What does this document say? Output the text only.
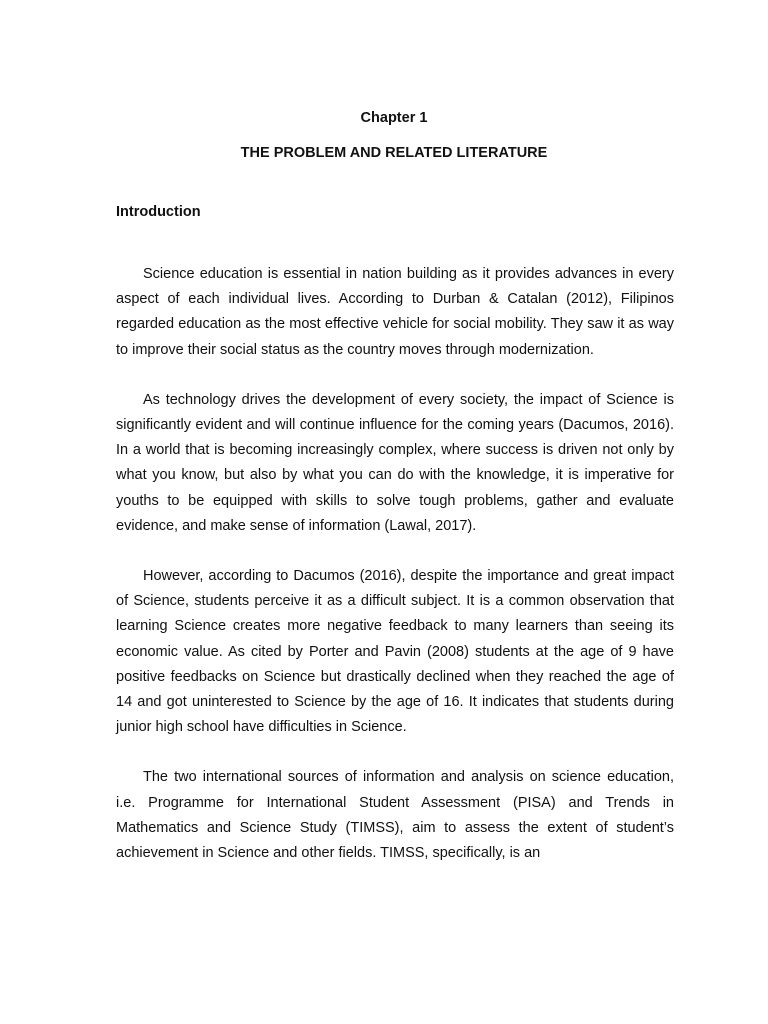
Chapter 1
THE PROBLEM AND RELATED LITERATURE
Introduction

Science education is essential in nation building as it provides advances in every aspect of each individual lives. According to Durban & Catalan (2012), Filipinos regarded education as the most effective vehicle for social mobility. They saw it as way to improve their social status as the country moves through modernization.

As technology drives the development of every society, the impact of Science is significantly evident and will continue influence for the coming years (Dacumos, 2016). In a world that is becoming increasingly complex, where success is driven not only by what you know, but also by what you can do with the knowledge, it is imperative for youths to be equipped with skills to solve tough problems, gather and evaluate evidence, and make sense of information (Lawal, 2017).

However, according to Dacumos (2016), despite the importance and great impact of Science, students perceive it as a difficult subject. It is a common observation that learning Science creates more negative feedback to many learners than seeing its economic value. As cited by Porter and Pavin (2008) students at the age of 9 have positive feedbacks on Science but drastically declined when they reached the age of 14 and got uninterested to Science by the age of 16. It indicates that students during junior high school have difficulties in Science.

The two international sources of information and analysis on science education, i.e. Programme for International Student Assessment (PISA) and Trends in Mathematics and Science Study (TIMSS), aim to assess the extent of student’s achievement in Science and other fields. TIMSS, specifically, is an
